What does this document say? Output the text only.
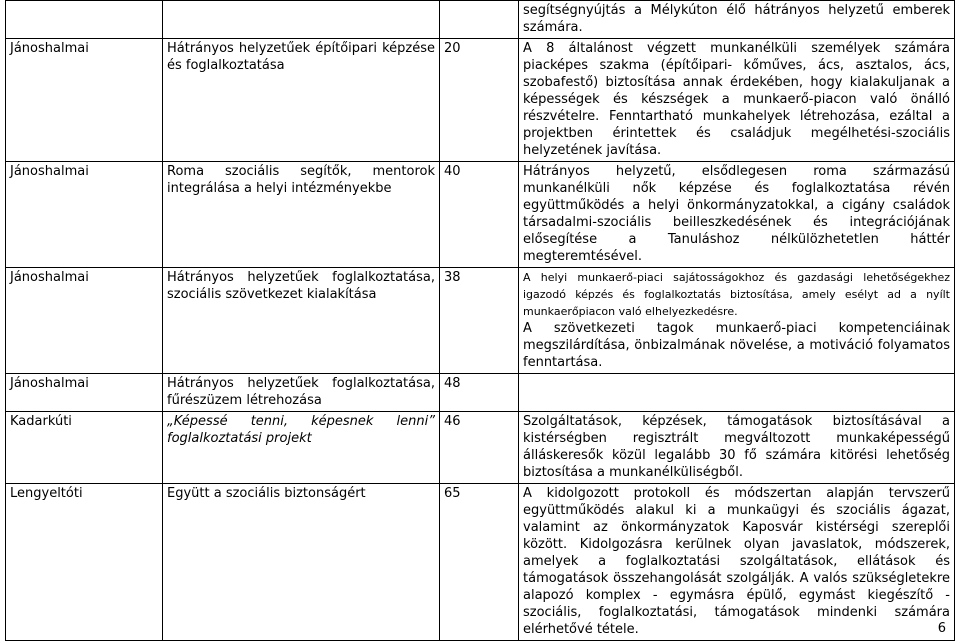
			segítségnyújtás a Mélykúton élő hátrányos helyzetű emberek számára.
Jánoshalmai	Hátrányos helyzetűek építőipari képzése és foglalkoztatása	20	A 8 általánost végzett munkanélküli személyek számára piacképes szakma (építőipari- kőműves, ács, asztalos, ács, szobafestő) biztosítása annak érdekében, hogy kialakuljanak a képességek és készségek a munkaerő-piacon való önálló részvételre. Fenntartható munkahelyek létrehozása, ezáltal a projektben érintettek és családjuk megélhetési-szociális helyzetének javítása.
Jánoshalmai	Roma szociális segítők, mentorok integrálása a helyi intézményekbe	40	Hátrányos helyzetű, elsődlegesen roma származású munkanélküli nők képzése és foglalkoztatása révén együttműködés a helyi önkormányzatokkal, a cigány családok társadalmi-szociális beilleszkedésének és integrációjának elősegítése a Tanuláshoz nélkülözhetetlen háttér megteremtésével.
Jánoshalmai	Hátrányos helyzetűek foglalkoztatása, szociális szövetkezet kialakítása	38	A helyi munkaerő-piaci sajátosságokhoz és gazdasági lehetőségekhez igazodó képzés és foglalkoztatás biztosítása, amely esélyt ad a nyílt munkaerőpiacon való elhelyezkedésre.
A szövetkezeti tagok munkaerő-piaci kompetenciáinak megszilárdítása, önbizalmának növelése, a motiváció folyamatos fenntartása.

Jánoshalmai	Hátrányos helyzetűek foglalkoztatása, fűrészüzem létrehozása	48	
Kadarkúti	„Képessé tenni, képesnek lenni” foglalkoztatási projekt	46	Szolgáltatások, képzések, támogatások biztosításával a kistérségben regisztrált megváltozott munkaképességű álláskeresők közül legalább 30 fő számára kitörési lehetőség biztosítása a munkanélküliségből.
Lengyeltóti	Együtt a szociális biztonságért	65	A kidolgozott protokoll és módszertan alapján tervszerű együttműködés alakul ki a munkaügyi és szociális ágazat, valamint az önkormányzatok Kaposvár kistérségi szereplői között. Kidolgozásra kerülnek olyan javaslatok, módszerek, amelyek a foglalkoztatási szolgáltatások, ellátások és támogatások összehangolását szolgálják. A valós szükségletekre alapozó komplex - egymásra épülő, egymást kiegészítő - szociális, foglalkoztatási, támogatások mindenki számára elérhetővé tétele.	6
